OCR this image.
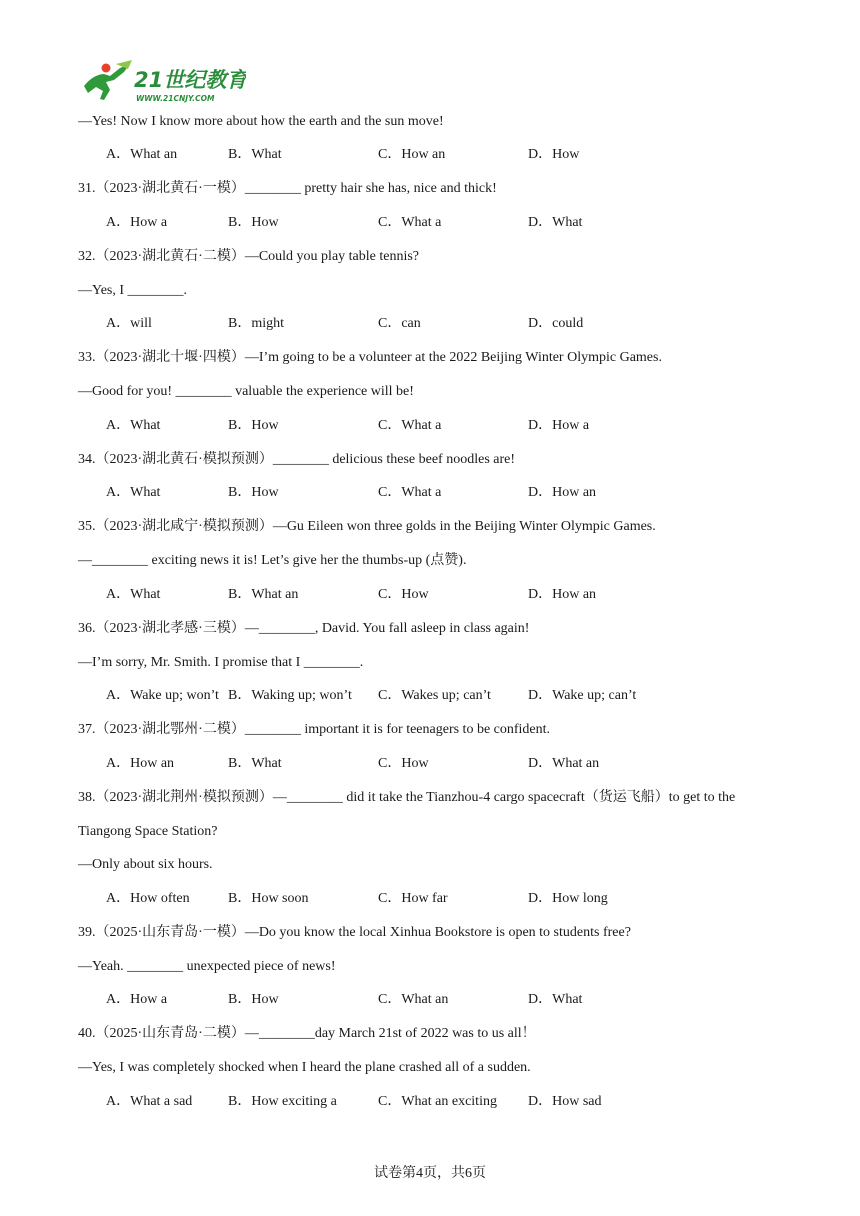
21世纪教育
WWW.21CNJY.COM
—Yes! Now I know more about how the earth and the sun move!
A．What an	B．What	C．How an	D．How
31.（2023·湖北黄石·一模）________ pretty hair she has, nice and thick!
A．How a	B．How	C．What a	D．What
32.（2023·湖北黄石·二模）—Could you play table tennis?
—Yes, I ________.
A．will	B．might	C．can	D．could
33.（2023·湖北十堰·四模）—I’m going to be a volunteer at the 2022 Beijing Winter Olympic Games.
—Good for you! ________ valuable the experience will be!
A．What	B．How	C．What a	D．How a
34.（2023·湖北黄石·模拟预测）________ delicious these beef noodles are!
A．What	B．How	C．What a	D．How an
35.（2023·湖北咸宁·模拟预测）—Gu Eileen won three golds in the Beijing Winter Olympic Games.
—________ exciting news it is! Let’s give her the thumbs-up (点赞).
A．What	B．What an	C．How	D．How an
36.（2023·湖北孝感·三模）—________, David. You fall asleep in class again!
—I’m sorry, Mr. Smith. I promise that I ________.
A．Wake up; won’t B．Waking up; won’t C．Wakes up; can’t	D．Wake up; can’t
37.（2023·湖北鄂州·二模）________ important it is for teenagers to be confident.
A．How an	B．What	C．How	D．What an
38.（2023·湖北荆州·模拟预测）—________ did it take the Tianzhou-4 cargo spacecraft（货运飞船）to get to the
Tiangong Space Station?
—Only about six hours.
A．How often	B．How soon	C．How far	D．How long
39.（2025·山东青岛·一模）—Do you know the local Xinhua Bookstore is open to students free?
—Yeah. ________ unexpected piece of news!
A．How a	B．How	C．What an	D．What
40.（2025·山东青岛·二模）—________day March 21st of 2022 was to us all！
—Yes, I was completely shocked when I heard the plane crashed all of a sudden.
A．What a sad	B．How exciting a	C．What an exciting D．How sad
试卷第4页，共6页
